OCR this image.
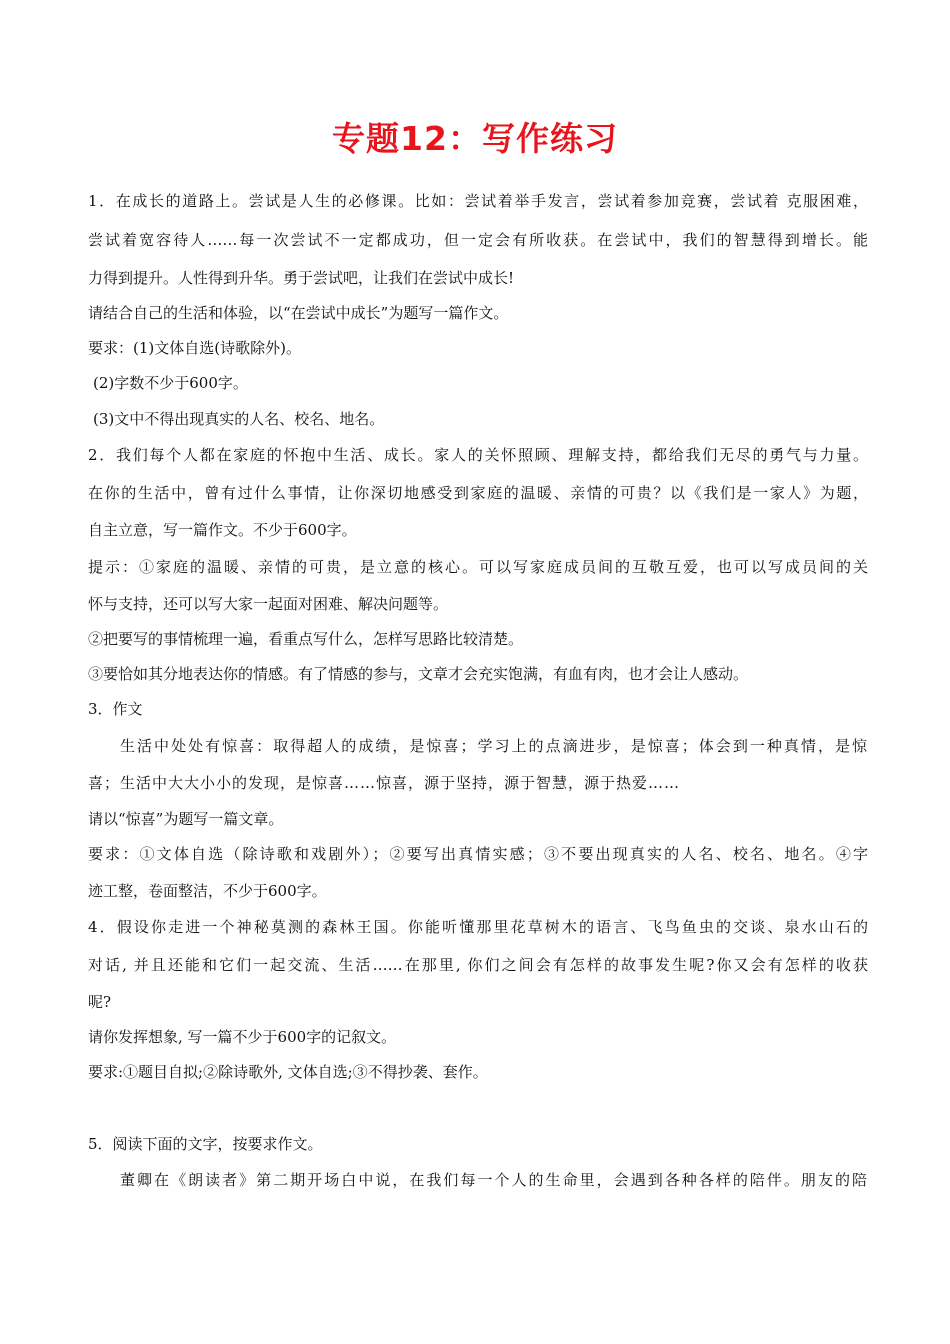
专题12：写作练习
1．在成长的道路上。尝试是人生的必修课。比如：尝试着举手发言，尝试着参加竞赛，尝试着 克服困难，
尝试着宽容待人……每一次尝试不一定都成功，但一定会有所收获。在尝试中，我们的智慧得到增长。能
力得到提升。人性得到升华。勇于尝试吧，让我们在尝试中成长!
请结合自己的生活和体验，以“在尝试中成长”为题写一篇作文。
要求：(1)文体自选(诗歌除外)。
(2)字数不少于600字。
(3)文中不得出现真实的人名、校名、地名。
2．我们每个人都在家庭的怀抱中生活、成长。家人的关怀照顾、理解支持，都给我们无尽的勇气与力量。
在你的生活中，曾有过什么事情，让你深切地感受到家庭的温暖、亲情的可贵？以《我们是一家人》为题，
自主立意，写一篇作文。不少于600字。
提示：①家庭的温暖、亲情的可贵，是立意的核心。可以写家庭成员间的互敬互爱，也可以写成员间的关
怀与支持，还可以写大家一起面对困难、解决问题等。
②把要写的事情梳理一遍，看重点写什么，怎样写思路比较清楚。
③要恰如其分地表达你的情感。有了情感的参与，文章才会充实饱满，有血有肉，也才会让人感动。
3．作文
生活中处处有惊喜：取得超人的成绩，是惊喜；学习上的点滴进步，是惊喜；体会到一种真情，是惊
喜；生活中大大小小的发现，是惊喜……惊喜，源于坚持，源于智慧，源于热爱……
请以“惊喜”为题写一篇文章。
要求：①文体自选（除诗歌和戏剧外）；②要写出真情实感；③不要出现真实的人名、校名、地名。④字
迹工整，卷面整洁，不少于600字。
4．假设你走进一个神秘莫测的森林王国。你能听懂那里花草树木的语言、飞鸟鱼虫的交谈、泉水山石的
对话, 并且还能和它们一起交流、生活……在那里, 你们之间会有怎样的故事发生呢?你又会有怎样的收获
呢?
请你发挥想象, 写一篇不少于600字的记叙文。
要求:①题目自拟;②除诗歌外, 文体自选;③不得抄袭、套作。
5．阅读下面的文字，按要求作文。
董卿在《朗读者》第二期开场白中说，在我们每一个人的生命里，会遇到各种各样的陪伴。朋友的陪
